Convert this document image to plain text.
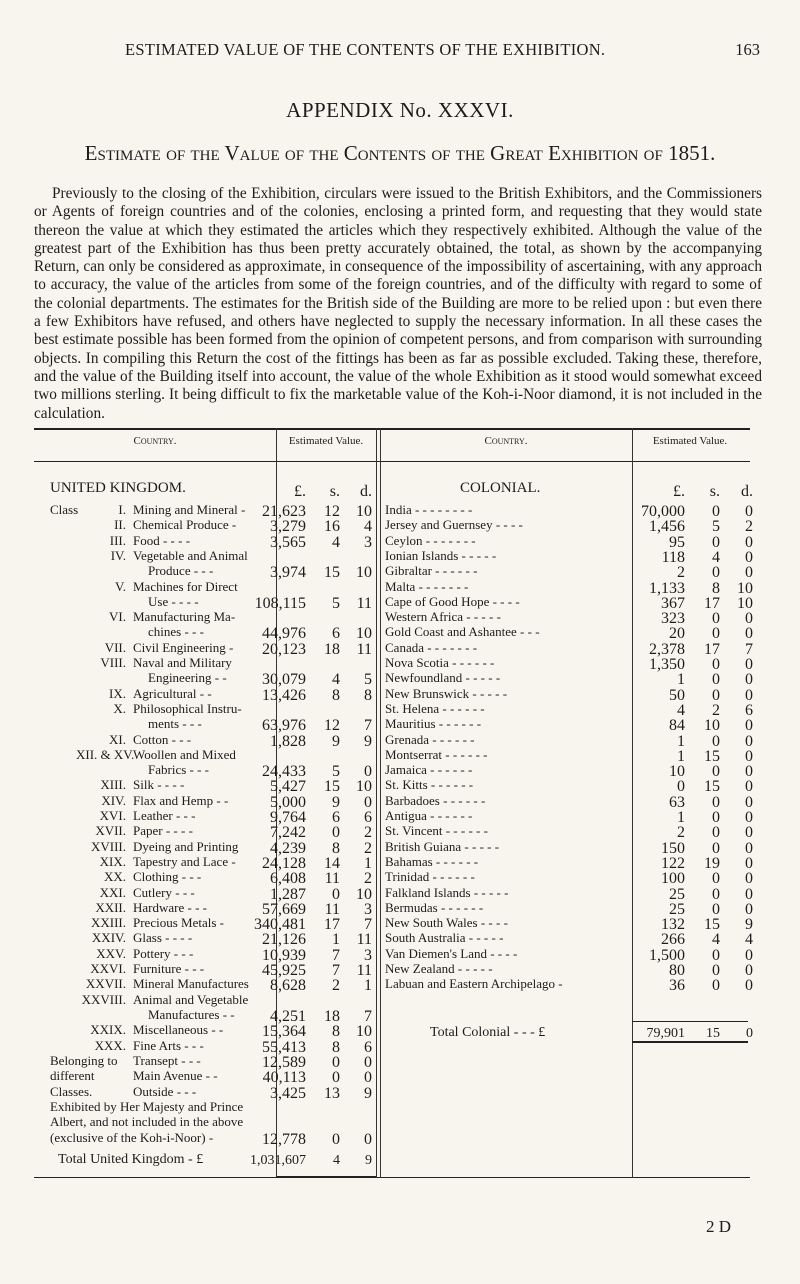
ESTIMATED VALUE OF THE CONTENTS OF THE EXHIBITION.	163
APPENDIX No. XXXVI.
Estimate of the Value of the Contents of the Great Exhibition of 1851.
Previously to the closing of the Exhibition, circulars were issued to the British Exhibitors, and the Commissioners or Agents of foreign countries and of the colonies, enclosing a printed form, and requesting that they would state thereon the value at which they estimated the articles which they respectively exhibited. Although the value of the greatest part of the Exhibition has thus been pretty accurately obtained, the total, as shown by the accompanying Return, can only be considered as approximate, in consequence of the impossibility of ascertaining, with any approach to accuracy, the value of the articles from some of the foreign countries, and of the difficulty with regard to some of the colonial departments. The estimates for the British side of the Building are more to be relied upon : but even there a few Exhibitors have refused, and others have neglected to supply the necessary information. In all these cases the best estimate possible has been formed from the opinion of competent persons, and from comparison with surrounding objects. In compiling this Return the cost of the fittings has been as far as possible excluded. Taking these, therefore, and the value of the Building itself into account, the value of the whole Exhibition as it stood would somewhat exceed two millions sterling. It being difficult to fix the marketable value of the Koh-i-Noor diamond, it is not included in the calculation.
Country.	Estimated Value.	Country.	Estimated Value.
UNITED KINGDOM.	COLONIAL.
£.	s.	d.	£.	s.	d.
Class	I. Mining and Mineral -	21,623 12 10
II. Chemical Produce -	3,279 16	4
III. Food - - - -	3,565	4	3
IV. Vegetable and Animal
Produce - - -	3,974 15 10
V. Machines for Direct
Use - - - -	108,115	5 11
VI. Manufacturing Ma-
chines - - -	44,976	6 10
VII. Civil Engineering -	20,123 18 11
VIII. Naval and Military
Engineering - -	30,079	4	5
IX. Agricultural - -	13,426	8	8
X. Philosophical Instru-
ments - - -	63,976 12	7
XI. Cotton - - -	1,828	9	9
XII. & XV.
Woollen and Mixed
Fabrics - - -	24,433	5	0
XIII. Silk - - - -	5,427 15 10
XIV. Flax and Hemp - -	5,000	9	0
XVI. Leather - - -	9,764	6	6
XVII. Paper - - - -	7,242	0	2
XVIII. Dyeing and Printing	4,239	8	2
XIX. Tapestry and Lace -	24,128 14	1
XX. Clothing - - -	6,408 11	2
XXI. Cutlery - - -	1,287	0 10
XXII. Hardware - - -	57,669 11	3
XXIII. Precious Metals -	340,481 17	7
XXIV. Glass - - - -	21,126	1 11
XXV. Pottery - - -	10,939	7	3
XXVI. Furniture - - -	45,925	7 11
XXVII. Mineral Manufactures	8,628	2	1
XXVIII. Animal and Vegetable
Manufactures - -	4,251 18	7
XXIX. Miscellaneous - -	15,364	8 10
XXX. Fine Arts - - -	55,413	8	6
Belonging to
different
Classes.
Transept - - -	12,589	0	0
Main Avenue - -	40,113	0	0
Outside - - -	3,425 13	9
Exhibited by Her Majesty and Prince
Albert, and not included in the above
(exclusive of the Koh-i-Noor) -	12,778	0	0
Total United Kingdom - £	1,031,607	4	9
India - - - - - - - -	70,000	0	0
Jersey and Guernsey - - - -	1,456	5	2
Ceylon - - - - - - -	95	0	0
Ionian Islands - - - - -	118	4	0
Gibraltar - - - - - -	2	0	0
Malta - - - - - - -	1,133	8 10
Cape of Good Hope - - - -	367 17 10
Western Africa - - - - -	323	0	0
Gold Coast and Ashantee - - -	20	0	0
Canada - - - - - - -	2,378 17	7
Nova Scotia - - - - - -	1,350	0	0
Newfoundland - - - - -	1	0	0
New Brunswick - - - - -	50	0	0
St. Helena - - - - - -	4	2	6
Mauritius - - - - - -	84 10	0
Grenada - - - - - -	1	0	0
Montserrat - - - - - -	1 15	0
Jamaica - - - - - -	10	0	0
St. Kitts - - - - - -	0 15	0
Barbadoes - - - - - -	63	0	0
Antigua - - - - - -	1	0	0
St. Vincent - - - - - -	2	0	0
British Guiana - - - - -	150	0	0
Bahamas - - - - - -	122 19	0
Trinidad - - - - - -	100	0	0
Falkland Islands - - - - -	25	0	0
Bermudas - - - - - -	25	0	0
New South Wales - - - -	132 15	9
South Australia - - - - -	266	4	4
Van Diemen's Land - - - -	1,500	0	0
New Zealand - - - - -	80	0	0
Labuan and Eastern Archipelago -	36	0	0
Total Colonial - - - £	79,901	15	0
2 D
